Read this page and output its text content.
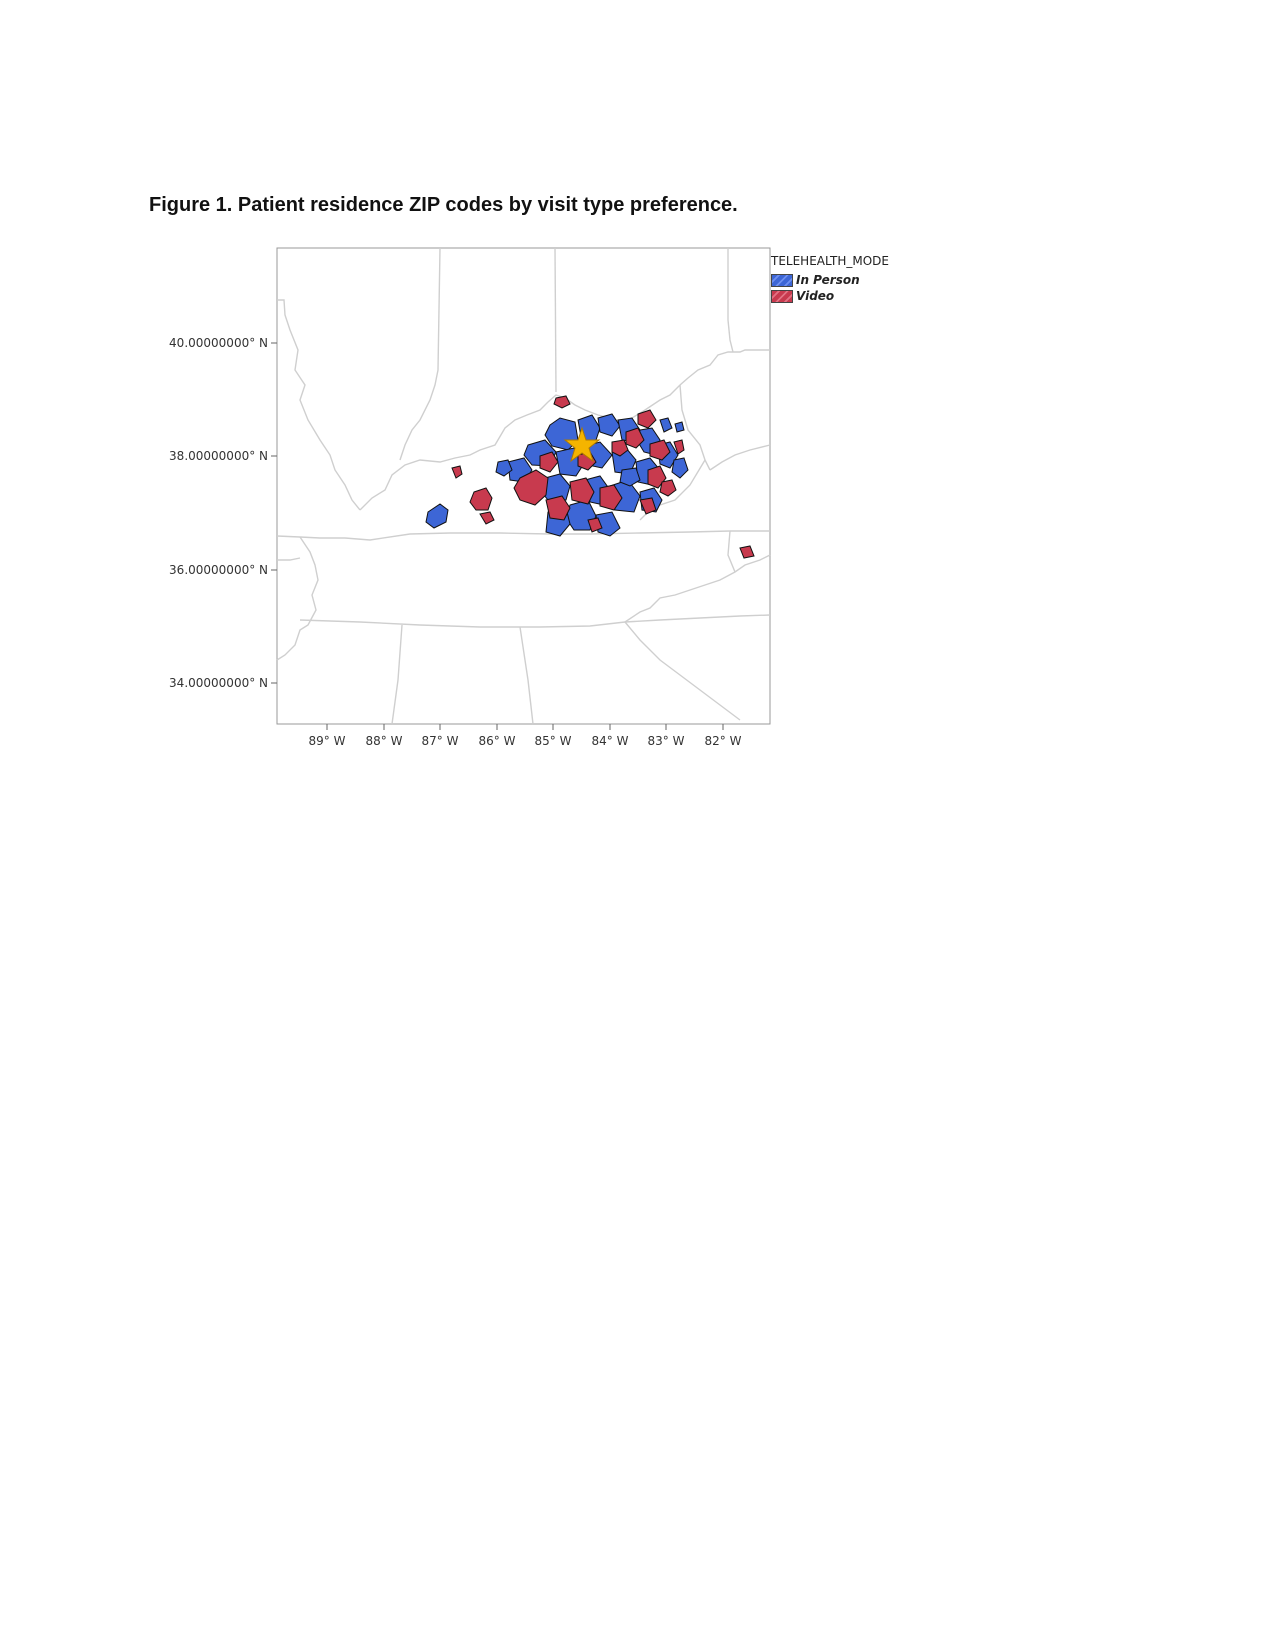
Figure 1. Patient residence ZIP codes by visit type preference.
40.00000000° N
38.00000000° N
36.00000000° N
34.00000000° N
89° W 88° W 87° W 86° W 85° W 84° W 83° W 82° W
TELEHEALTH_MODE
In Person
Video
